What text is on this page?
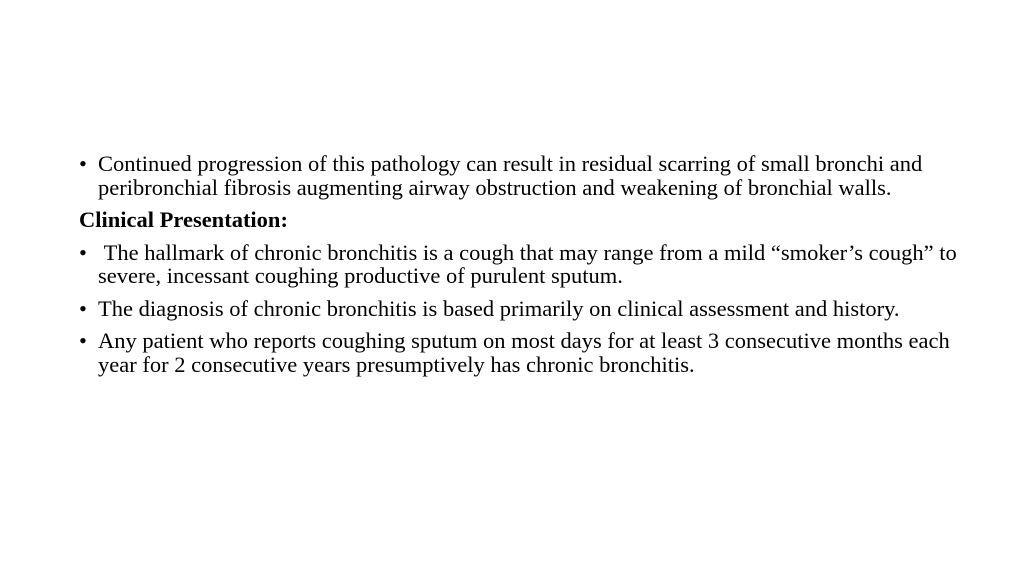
• Continued progression of this pathology can result in residual scarring of small bronchi and peribronchial fibrosis augmenting airway obstruction and weakening of bronchial walls.
Clinical Presentation:
• The hallmark of chronic bronchitis is a cough that may range from a mild “smoker’s cough” to severe, incessant coughing productive of purulent sputum.
• The diagnosis of chronic bronchitis is based primarily on clinical assessment and history.
• Any patient who reports coughing sputum on most days for at least 3 consecutive months each year for 2 consecutive years presumptively has chronic bronchitis.
